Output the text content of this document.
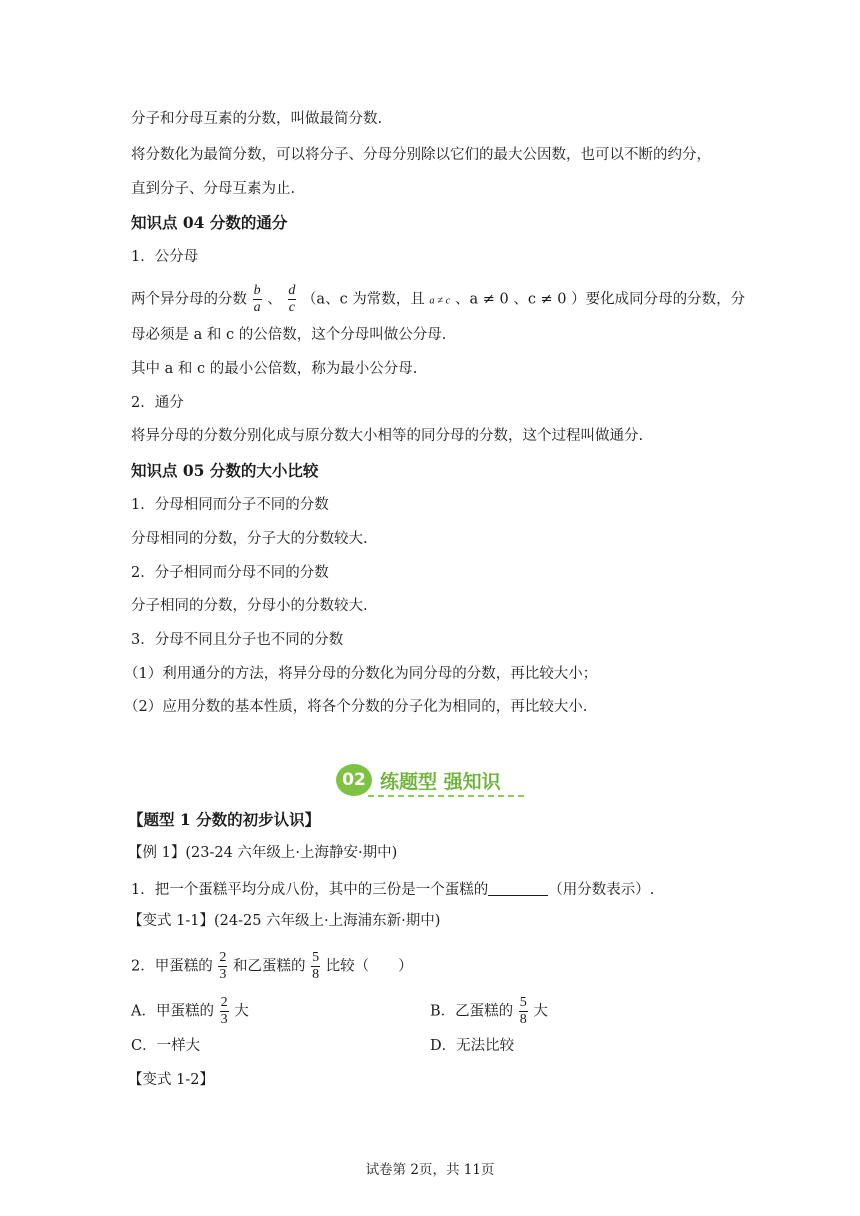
分子和分母互素的分数，叫做最简分数.
将分数化为最简分数，可以将分子、分母分别除以它们的最大公因数，也可以不断的约分，
直到分子、分母互素为止.
知识点 04 分数的通分
1．公分母
两个异分母的分数 $\frac{b}{a}$ 、 $\frac{d}{c} (a$、c 为常数，且 a ≠ c 、a ≠ 0 、c ≠ 0 ）要化成同分母的分数，分
母必须是 a 和 c 的公倍数，这个分母叫做公分母.
其中 a 和 c 的最小公倍数，称为最小公分母.
2．通分
将异分母的分数分别化成与原分数大小相等的同分母的分数，这个过程叫做通分.
知识点 05 分数的大小比较
1．分母相同而分子不同的分数
分母相同的分数，分子大的分数较大.
2．分子相同而分母不同的分数
分子相同的分数，分母小的分数较大.
3．分母不同且分子也不同的分数
（1）利用通分的方法，将异分母的分数化为同分母的分数，再比较大小；
（2）应用分数的基本性质，将各个分数的分子化为相同的，再比较大小.
02 练题型 强知识
【题型 1 分数的初步认识】
【例 1】(23-24 六年级上·上海静安·期中)
1．把一个蛋糕平均分成八份，其中的三份是一个蛋糕的	（用分数表示）.
【变式 1-1】(24-25 六年级上·上海浦东新·期中)
2．甲蛋糕的 $\frac{2}{3}$ 和乙蛋糕的 $\frac{5}{8}$ 比较（　　）
A．甲蛋糕的 $\frac{2}{3}$ 大	B．乙蛋糕的 $\frac{5}{8}$ 大
C．一样大	D．无法比较
【变式 1-2】
试卷第 2页，共 11页
